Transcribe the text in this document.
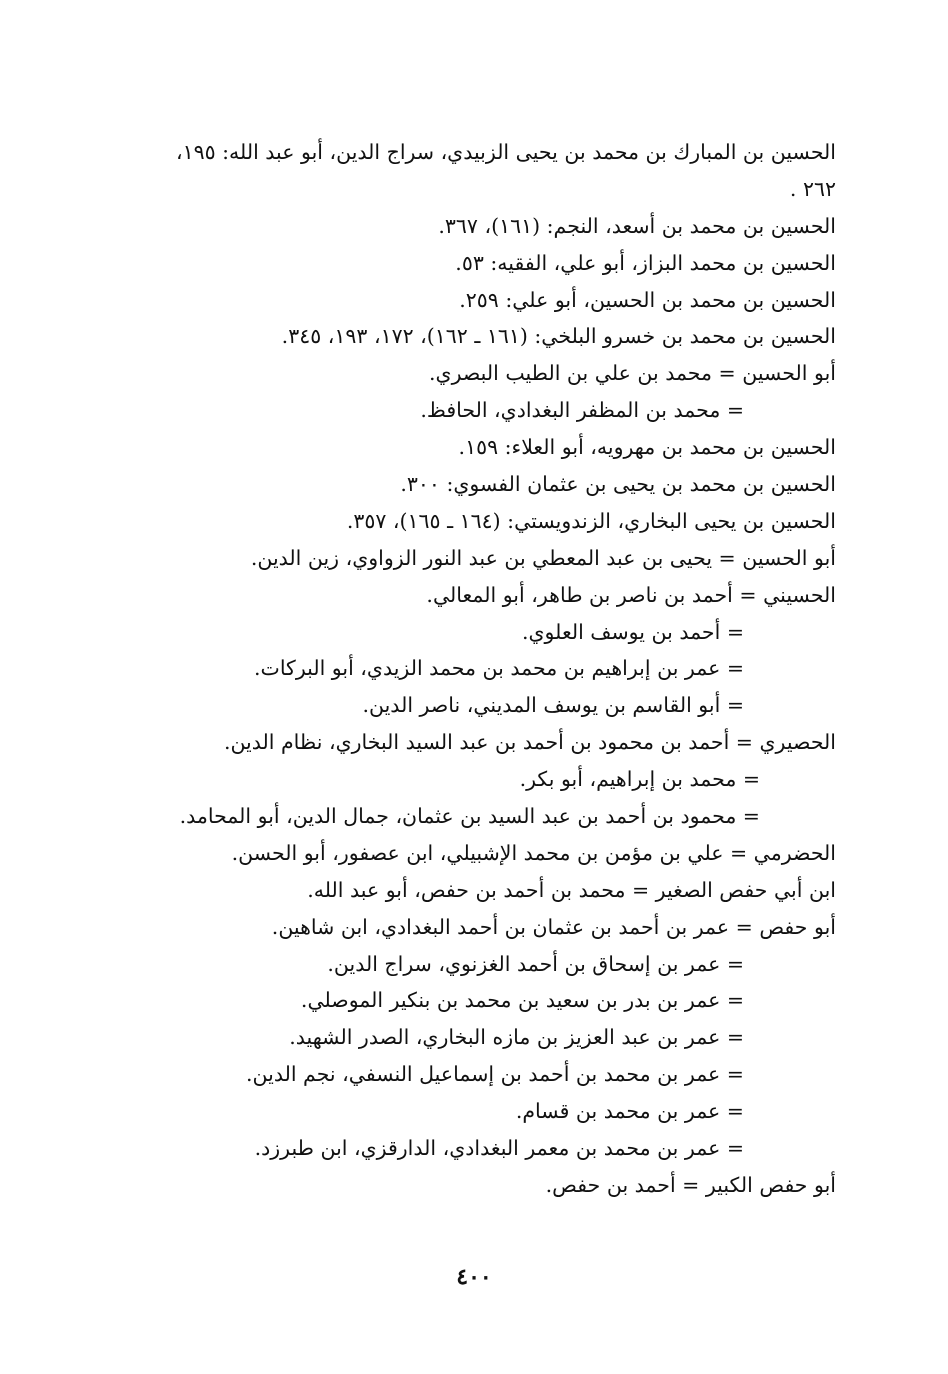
الحسين بن المبارك بن محمد بن يحيى الزبيدي، سراج الدين، أبو عبد الله: ١٩٥،
٢٦٢ .
الحسين بن محمد بن أسعد، النجم: (١٦١)، ٣٦٧.
الحسين بن محمد البزاز، أبو علي، الفقيه: ٥٣.
الحسين بن محمد بن الحسين، أبو علي: ٢٥٩.
الحسين بن محمد بن خسرو البلخي: (١٦١ ـ ١٦٢)، ١٧٢، ١٩٣، ٣٤٥.
أبو الحسين = محمد بن علي بن الطيب البصري.
= محمد بن المظفر البغدادي، الحافظ.
الحسين بن محمد بن مهرويه، أبو العلاء: ١٥٩.
الحسين بن محمد بن يحيى بن عثمان الفسوي: ٣٠٠.
الحسين بن يحيى البخاري، الزندويستي: (١٦٤ ـ ١٦٥)، ٣٥٧.
أبو الحسين = يحيى بن عبد المعطي بن عبد النور الزواوي، زين الدين.
الحسيني = أحمد بن ناصر بن طاهر، أبو المعالي.
= أحمد بن يوسف العلوي.
= عمر بن إبراهيم بن محمد بن محمد الزيدي، أبو البركات.
= أبو القاسم بن يوسف المديني، ناصر الدين.
الحصيري = أحمد بن محمود بن أحمد بن عبد السيد البخاري، نظام الدين.
= محمد بن إبراهيم، أبو بكر.
= محمود بن أحمد بن عبد السيد بن عثمان، جمال الدين، أبو المحامد.
الحضرمي = علي بن مؤمن بن محمد الإشبيلي، ابن عصفور، أبو الحسن.
ابن أبي حفص الصغير = محمد بن أحمد بن حفص، أبو عبد الله.
أبو حفص = عمر بن أحمد بن عثمان بن أحمد البغدادي، ابن شاهين.
= عمر بن إسحاق بن أحمد الغزنوي، سراج الدين.
= عمر بن بدر بن سعيد بن محمد بن بنكير الموصلي.
= عمر بن عبد العزيز بن مازه البخاري، الصدر الشهيد.
= عمر بن محمد بن أحمد بن إسماعيل النسفي، نجم الدين.
= عمر بن محمد بن قسام.
= عمر بن محمد بن معمر البغدادي، الدارقزي، ابن طبرزد.
أبو حفص الكبير = أحمد بن حفص.
٤٠٠
